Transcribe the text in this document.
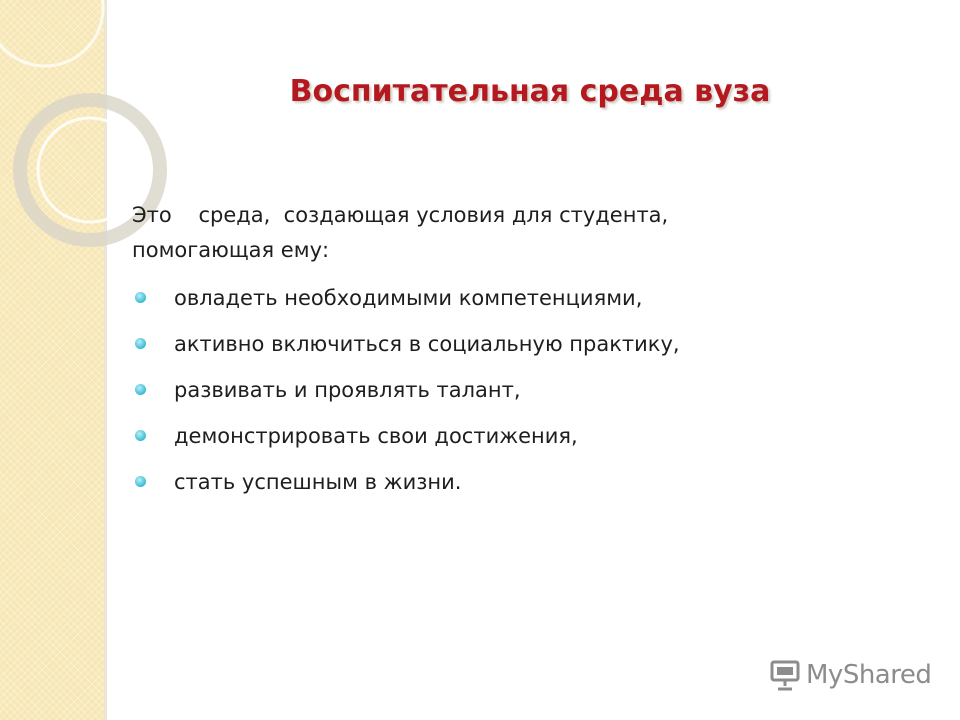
Воспитательная среда вуза

Это    среда,  создающая условия для студента,
помогающая ему:

овладеть необходимыми компетенциями,
активно включиться в социальную практику,
развивать и проявлять талант,
демонстрировать свои достижения,
стать успешным в жизни.
MyShared
